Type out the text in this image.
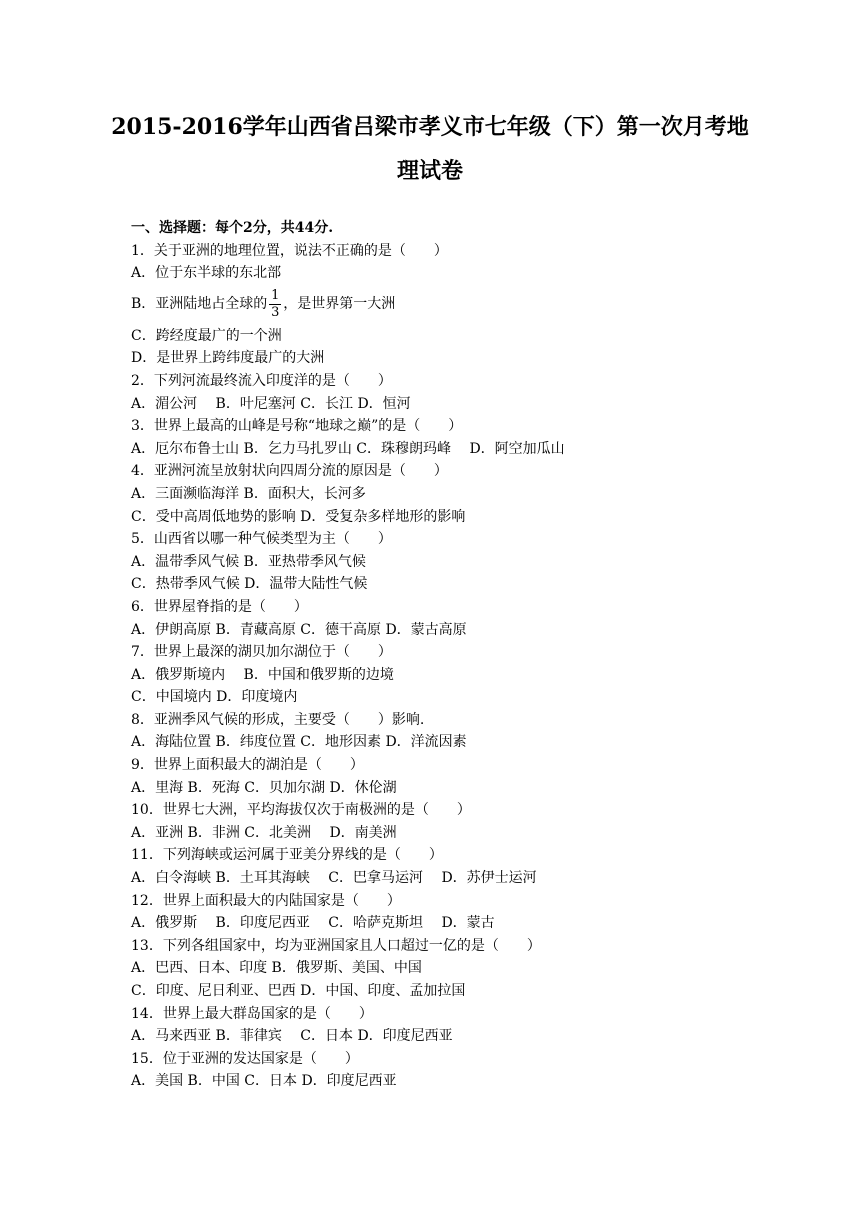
2015-2016学年山西省吕梁市孝义市七年级（下）第一次月考地
理试卷
一、选择题：每个2分，共44分.
1．关于亚洲的地理位置，说法不正确的是（　　）
A．位于东半球的东北部
B．亚洲陆地占全球的 $\frac{1}{3}$ ，是世界第一大洲
C．跨经度最广的一个洲
D．是世界上跨纬度最广的大洲
2．下列河流最终流入印度洋的是（　　）
A．湄公河　 B．叶尼塞河 C．长江 D．恒河
3．世界上最高的山峰是号称“地球之巅”的是（　　）
A．厄尔布鲁士山 B．乞力马扎罗山 C．珠穆朗玛峰　 D．阿空加瓜山
4．亚洲河流呈放射状向四周分流的原因是（　　）
A．三面濒临海洋 B．面积大，长河多
C．受中高周低地势的影响 D．受复杂多样地形的影响
5．山西省以哪一种气候类型为主（　　）
A．温带季风气候 B．亚热带季风气候
C．热带季风气候 D．温带大陆性气候
6．世界屋脊指的是（　　）
A．伊朗高原 B．青藏高原 C．德干高原 D．蒙古高原
7．世界上最深的湖贝加尔湖位于（　　）
A．俄罗斯境内　 B．中国和俄罗斯的边境
C．中国境内 D．印度境内
8．亚洲季风气候的形成，主要受（　　）影响.
A．海陆位置 B．纬度位置 C．地形因素 D．洋流因素
9．世界上面积最大的湖泊是（　　）
A．里海 B．死海 C．贝加尔湖 D．休伦湖
10．世界七大洲，平均海拔仅次于南极洲的是（　　）
A．亚洲 B．非洲 C．北美洲　 D．南美洲
11．下列海峡或运河属于亚美分界线的是（　　）
A．白令海峡 B．土耳其海峡　 C．巴拿马运河　 D．苏伊士运河
12．世界上面积最大的内陆国家是（　　）
A．俄罗斯　 B．印度尼西亚　 C．哈萨克斯坦　 D．蒙古
13．下列各组国家中，均为亚洲国家且人口超过一亿的是（　　）
A．巴西、日本、印度 B．俄罗斯、美国、中国
C．印度、尼日利亚、巴西 D．中国、印度、孟加拉国
14．世界上最大群岛国家的是（　　）
A．马来西亚 B．菲律宾　 C．日本 D．印度尼西亚
15．位于亚洲的发达国家是（　　）
A．美国 B．中国 C．日本 D．印度尼西亚
